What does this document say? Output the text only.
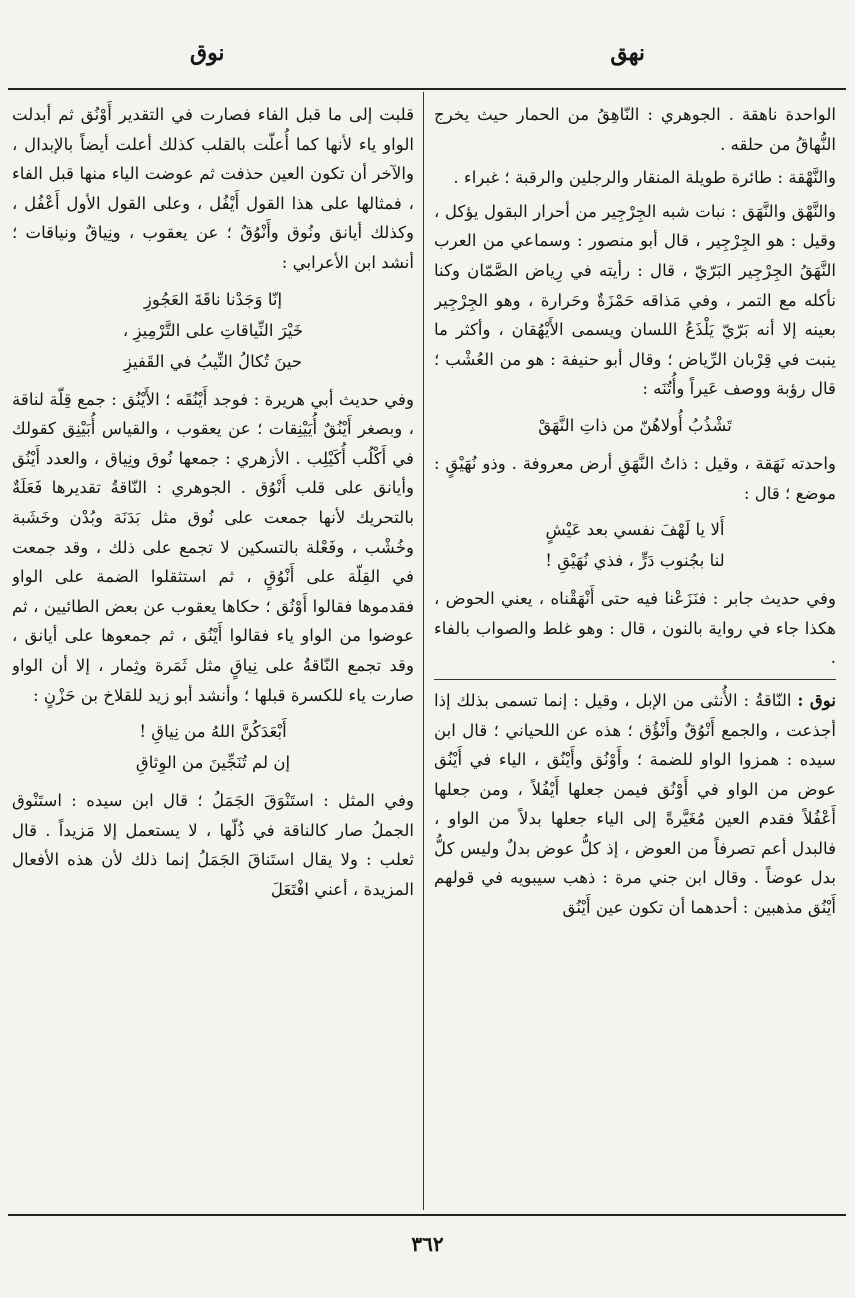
نهق
نوق

الواحدة ناهقة . الجوهري : النّاهِقُ من الحمار حيث يخرج النُّهاقُ من حلقه .

والنَّهْقة : طائرة طويلة المنقار والرجلين والرقبة ؛ غبراء .

والنَّهْق والنَّهَق : نبات شبه الجِرْجِير من أحرار البقول يؤكل ، وقيل : هو الجِرْجِير ، قال أبو منصور : وسماعي من العرب النَّهَقُ الجِرْجِير البَرّيّ ، قال : رأيته في رِياض الصَّمّان وكنا نأكله مع التمر ، وفي مَذاقه حَمْزَةٌ وحَرارة ، وهو الجِرْجِير بعينه إلا أنه بَرّيّ يَلْذَعُ اللسان ويسمى الأَيْهُقان ، وأكثر ما ينبت في قِرْبان الرِّياض ؛ وقال أبو حنيفة : هو من العُشْب ؛ قال رؤبة ووصف عَيراً وأُتُنَه :

تَشْذُبُ أُولاهُنّ من ذاتِ النَّهَقْ

واحدته نَهَقة ، وقيل : ذاتُ النَّهَقِ أرض معروفة . وذو نُهَيْقٍ : موضع ؛ قال :

أَلا يا لَهْفَ نفسي بعد عَيْشٍ
لنا بجُنوب دَرٍّ ، فذي نُهَيْقِ !

وفي حديث جابر : فنَزَعْنا فيه حتى أَنْهَقْناه ، يعني الحوض ، هكذا جاء في رواية بالنون ، قال : وهو غلط والصواب بالفاء .

نوق : النّاقةُ : الأُنثى من الإبل ، وقيل : إنما تسمى بذلك إذا أجذعت ، والجمع أَنْوُقٌ وأَنْؤُق ؛ هذه عن اللحياني ؛ قال ابن سيده : همزوا الواو للضمة ؛ وأَوْنُق وأَيْنُق ، الياء في أَيْنُق عوض من الواو في أَوْنُق فيمن جعلها أَيْفُلاً ، ومن جعلها أَعْفُلاً فقدم العين مُغَيَّرةً إلى الياء جعلها بدلاً من الواو ، فالبدل أعم تصرفاً من العوض ، إذ كلُّ عوض بدلٌ وليس كلُّ بدل عوضاً . وقال ابن جني مرة : ذهب سيبويه في قولهم أَيْنُق مذهبين : أحدهما أن تكون عين أَيْنُق

قلبت إلى ما قبل الفاء فصارت في التقدير أَوْنُق ثم أبدلت الواو ياء لأنها كما أُعلّت بالقلب كذلك أعلت أيضاً بالإبدال ، والآخر أن تكون العين حذفت ثم عوضت الياء منها قبل الفاء ، فمثالها على هذا القول أَيْفُل ، وعلى القول الأول أَعْفُل ، وكذلك أيانق ونُوق وأَنْوُقٌ ؛ عن يعقوب ، ونِياقٌ ونياقات ؛ أنشد ابن الأعرابي :

إنّا وَجَدْنا ناقَةَ العَجُوزِ
خَيْرَ النِّياقاتِ على التَّرْمِيزِ ،
حينَ تُكالُ النِّيبُ في القَفيزِ

وفي حديث أبي هريرة : فوجد أَيْنُقَه ؛ الأَيْنُق : جمع قِلّة لناقة ، وبصغر أَيْنُقٌ أُيَيْنِقات ؛ عن يعقوب ، والقياس أُبَيْنِق كقولك في أَكْلُب أُكَيْلِب . الأزهري : جمعها نُوق ونِياق ، والعدد أَيْنُق وأيانق على قلب أَنْوُق . الجوهري : النّاقةُ تقديرها فَعَلَةٌ بالتحريك لأنها جمعت على نُوق مثل بَدَنَة وبُدْن وخَشَبة وخُشْب ، وفَعْلة بالتسكين لا تجمع على ذلك ، وقد جمعت في القِلّة على أَنْوُقٍ ، ثم استثقلوا الضمة على الواو فقدموها فقالوا أَوْنُق ؛ حكاها يعقوب عن بعض الطائيين ، ثم عوضوا من الواو ياء فقالوا أَيْنُق ، ثم جمعوها على أيانق ، وقد تجمع النّاقةُ على نِياقٍ مثل ثَمَرة وثِمار ، إلا أن الواو صارت ياء للكسرة قبلها ؛ وأنشد أبو زيد للقلاخ بن حَزْنٍ :

أَبْعَدَكُنَّ اللهُ من نِياقِ !
إن لم تُنَجِّينَ من الوِثاقِ

وفي المثل : استَنْوَقَ الجَمَلُ ؛ قال ابن سيده : استَنْوق الجملُ صار كالناقة في ذُلّها ، لا يستعمل إلا مَزيداً . قال ثعلب : ولا يقال استَناقَ الجَمَلُ إنما ذلك لأن هذه الأفعال المزيدة ، أعني افْتَعَلَ

٣٦٢
